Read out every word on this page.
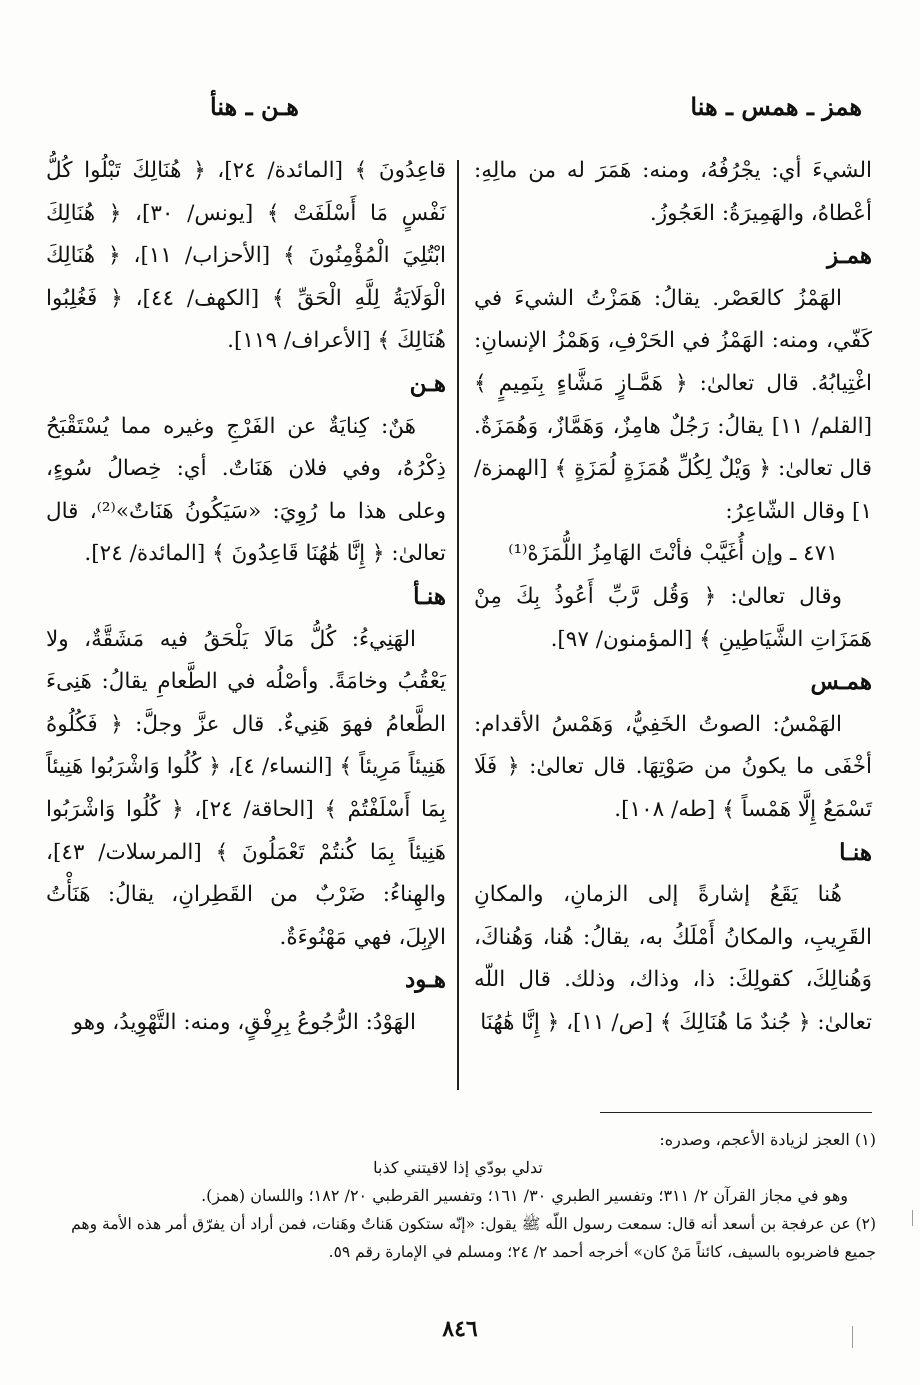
همز ـ همس ـ هنا
هـن ـ هنأ

الشيءَ أي: يجْرُفُهُ، ومنه: هَمَرَ له من مالِهِ: أعْطاهُ، والهَمِيرَةُ: العَجُوزُ.

همـز

الهَمْزُ كالعَصْر. يقالُ: هَمَزْتُ الشيءَ في كَفّي، ومنه: الهَمْزُ في الحَرْفِ، وَهَمْزُ الإنسانِ: اغْتِيابُهُ. قال تعالىٰ: ﴿ هَمَّـازٍ مَشَّاءٍ بِنَمِيمٍ ﴾ [القلم/ ١١] يقالُ: رَجُلٌ هامِزٌ، وَهَمَّازٌ، وَهُمَزَةٌ. قال تعالىٰ: ﴿ وَيْلٌ لِكُلِّ هُمَزَةٍ لُمَزَةٍ ﴾ [الهمزة/ ١] وقال الشّاعِرُ:

٤٧١ ـ وإن أُغَيَّبْ فأنْتَ الهَامِزُ اللُّمَزَهْ⁽¹⁾

وقال تعالىٰ: ﴿ وَقُل رَّبِّ أَعُوذُ بِكَ مِنْ هَمَزَاتِ الشَّيَاطِينِ ﴾ [المؤمنون/ ٩٧].

همـس

الهَمْسُ: الصوتُ الخَفِيُّ، وَهَمْسُ الأقدام: أخْفَى ما يكونُ من صَوْتِهَا. قال تعالىٰ: ﴿ فَلَا تَسْمَعُ إِلَّا هَمْساً ﴾ [طه/ ١٠٨].

هنـا

هُنا يَقَعُ إشارةً إلى الزمانِ، والمكانِ القَرِيبِ، والمكانُ أَمْلَكُ به، يقالُ: هُنا، وَهُناكَ، وَهُنالِكَ، كقولِكَ: ذا، وذاك، وذلك. قال اللّه تعالىٰ: ﴿ جُندٌ مَا هُنَالِكَ ﴾ [ص/ ١١]، ﴿ إِنَّا هَٰهُنَا

قاعِدُونَ ﴾ [المائدة/ ٢٤]، ﴿ هُنَالِكَ تَبْلُوا كُلُّ نَفْسٍ مَا أَسْلَفَتْ ﴾ [يونس/ ٣٠]، ﴿ هُنَالِكَ ابْتُلِيَ الْمُؤْمِنُونَ ﴾ [الأحزاب/ ١١]، ﴿ هُنَالِكَ الْوَلَايَةُ لِلَّهِ الْحَقِّ ﴾ [الكهف/ ٤٤]، ﴿ فَغُلِبُوا هُنَالِكَ ﴾ [الأعراف/ ١١٩].

هـن

هَنٌ: كِنايَةٌ عن الفَرْجِ وغيره مما يُسْتَقْبَحُ ذِكْرُهُ، وفي فلان هَنَاتٌ. أي: خِصالُ سُوءٍ، وعلى هذا ما رُوِيَ: «سَيَكُونُ هَنَاتٌ»⁽²⁾، قال تعالىٰ: ﴿ إِنَّا هَٰهُنَا قَاعِدُونَ ﴾ [المائدة/ ٢٤].

هنـأ

الهَنِيءُ: كُلُّ مَالَا يَلْحَقُ فيه مَشَقَّةٌ، ولا يَعْقُبُ وخامَةً. وأصْلُه في الطَّعامِ يقالُ: هَنِىءَ الطَّعامُ فهوَ هَنِيءٌ. قال عزَّ وجلَّ: ﴿ فَكُلُوهُ هَنِيئاً مَرِيئاً ﴾ [النساء/ ٤]، ﴿ كُلُوا وَاشْرَبُوا هَنِيئاً بِمَا أَسْلَفْتُمْ ﴾ [الحاقة/ ٢٤]، ﴿ كُلُوا وَاشْرَبُوا هَنِيئاً بِمَا كُنتُمْ تَعْمَلُونَ ﴾ [المرسلات/ ٤٣]، والهِناءُ: ضَرْبٌ من القَطِرانِ، يقالُ: هَنَأْتُ الإبِلَ، فهي مَهْنُوءَةٌ.

هـود

الهَوْدُ: الرُّجُوعُ بِرِفْقٍ، ومنه: التَّهْوِيدُ، وهو

(١) العجز لزيادة الأعجم، وصدره:

تدلي بودّي إذا لاقيتني كذبا

وهو في مجاز القرآن ٢/ ٣١١؛ وتفسير الطبري ٣٠/ ١٦١؛ وتفسير القرطبي ٢٠/ ١٨٢؛ واللسان (همز).

(٢) عن عرفجة بن أسعد أنه قال: سمعت رسول اللّه ﷺ يقول: «إنّه ستكون هَناتٌ وهَنات، فمن أراد أن يفرّق أمر هذه الأمة وهم جميع فاضربوه بالسيف، كائناً مَنْ كان» أخرجه أحمد ٢/ ٢٤؛ ومسلم في الإمارة رقم ٥٩.

٨٤٦
